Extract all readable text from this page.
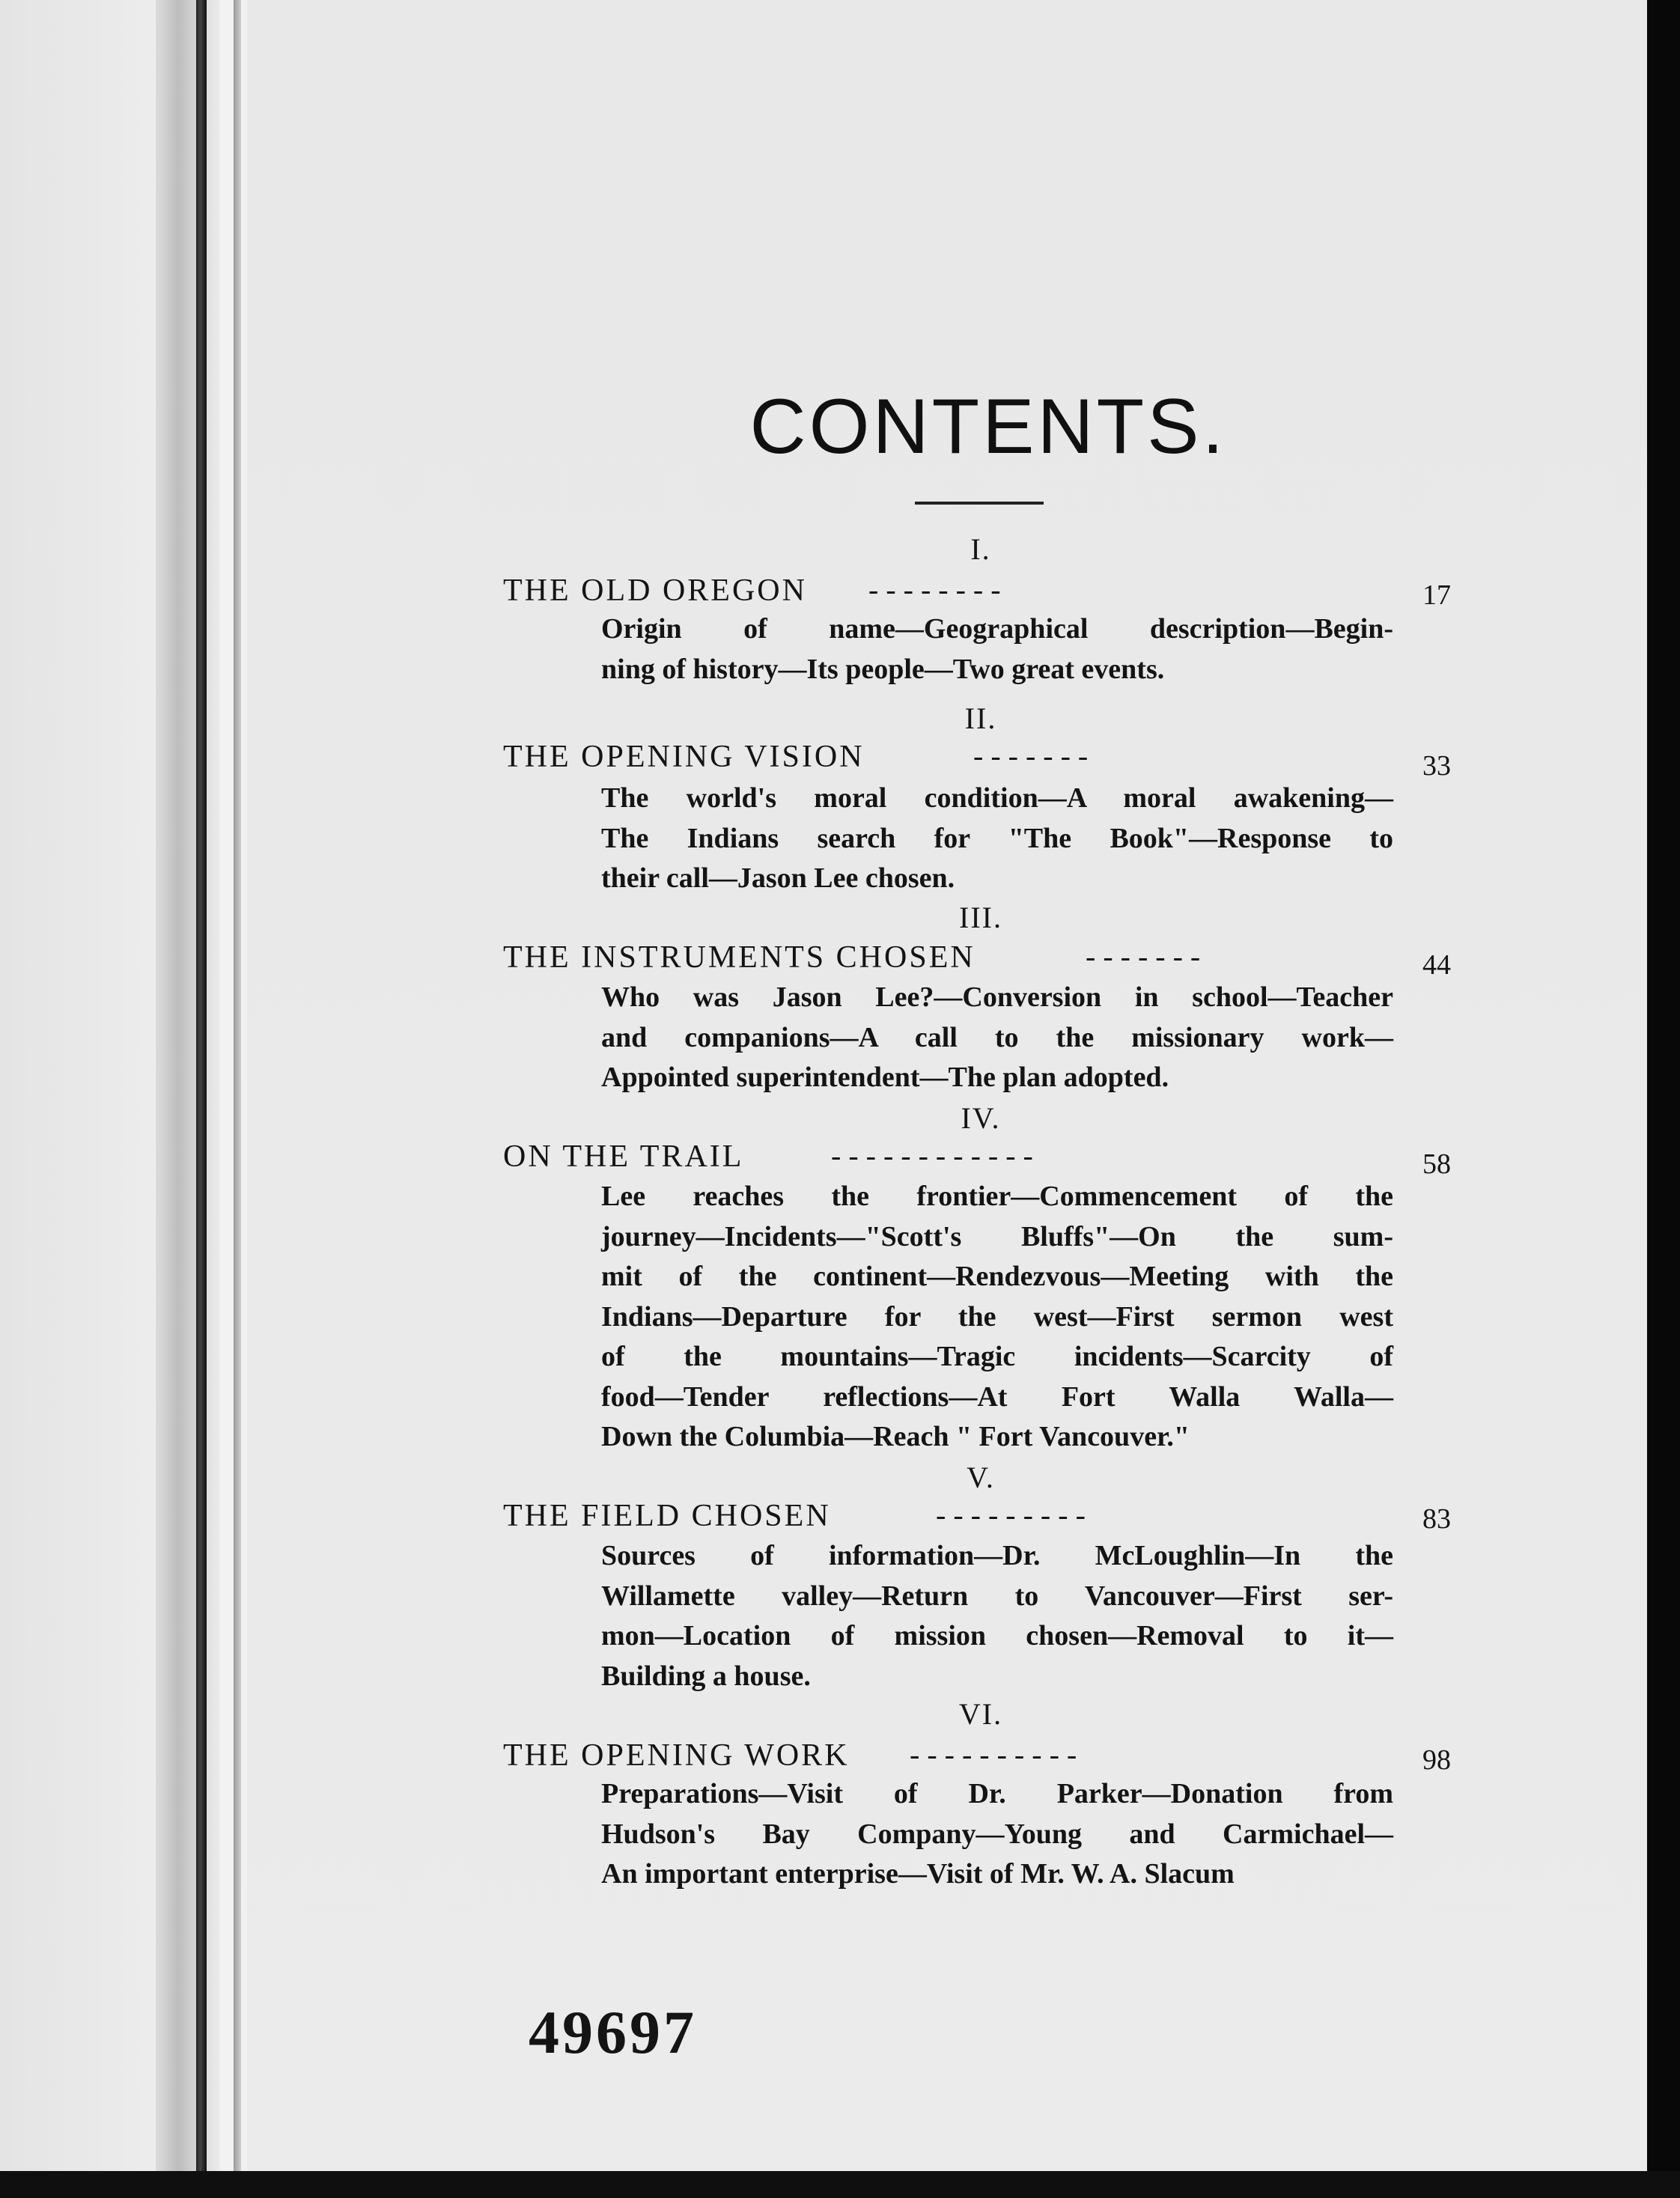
CONTENTS.
I.
THE OLD OREGON - - - - - - - -	17
Origin of name—Geographical description—Begin-
ning of history—Its people—Two great events.
II.
THE OPENING VISION	- - - - - - -	33
The world's moral condition—A moral awakening—
The Indians search for "The Book"—Response to
their call—Jason Lee chosen.
III.
THE INSTRUMENTS CHOSEN	- - - - - - -	44
Who was Jason Lee?—Conversion in school—Teacher
and companions—A call to the missionary work—
Appointed superintendent—The plan adopted.
IV.
ON THE TRAIL	- - - - - - - - - - - -	58
Lee reaches the frontier—Commencement of the
journey—Incidents—"Scott's Bluffs"—On the sum-
mit of the continent—Rendezvous—Meeting with the
Indians—Departure for the west—First sermon west
of the mountains—Tragic incidents—Scarcity of
food—Tender reflections—At Fort Walla Walla—
Down the Columbia—Reach " Fort Vancouver."
V.
THE FIELD CHOSEN	- - - - - - - - -	83
Sources of information—Dr. McLoughlin—In the
Willamette valley—Return to Vancouver—First ser-
mon—Location of mission chosen—Removal to it—
Building a house.
VI.
THE OPENING WORK - - - - - - - - - -	98
Preparations—Visit of Dr. Parker—Donation from
Hudson's Bay Company—Young and Carmichael—
An important enterprise—Visit of Mr. W. A. Slacum
49697
